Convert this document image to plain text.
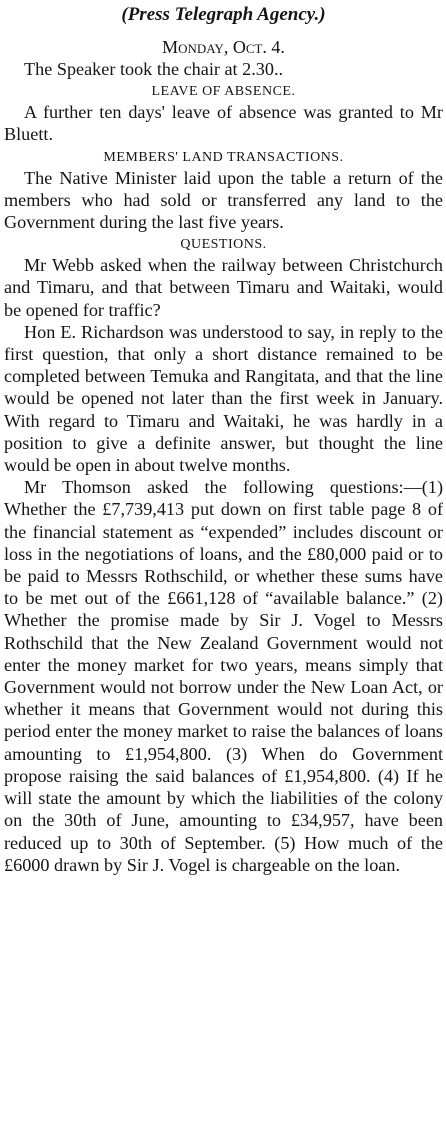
(Press Telegraph Agency.)
Monday, Oct. 4.

The Speaker took the chair at 2.30..

LEAVE OF ABSENCE.

A further ten days' leave of absence was granted to Mr Bluett.

MEMBERS' LAND TRANSACTIONS.

The Native Minister laid upon the table a return of the members who had sold or transferred any land to the Government during the last five years.

QUESTIONS.

Mr Webb asked when the railway between Christchurch and Timaru, and that between Timaru and Waitaki, would be opened for traffic?

Hon E. Richardson was understood to say, in reply to the first question, that only a short distance remained to be completed between Temuka and Rangitata, and that the line would be opened not later than the first week in January. With regard to Timaru and Waitaki, he was hardly in a position to give a definite answer, but thought the line would be open in about twelve months.

Mr Thomson asked the following questions:—(1) Whether the £7,739,413 put down on first table page 8 of the financial statement as “expended” includes discount or loss in the negotiations of loans, and the £80,000 paid or to be paid to Messrs Rothschild, or whether these sums have to be met out of the £661,128 of “available balance.” (2) Whether the promise made by Sir J. Vogel to Messrs Rothschild that the New Zealand Government would not enter the money market for two years, means simply that Government would not borrow under the New Loan Act, or whether it means that Government would not during this period enter the money market to raise the balances of loans amounting to £1,954,800. (3) When do Government propose raising the said balances of £1,954,800. (4) If he will state the amount by which the liabilities of the colony on the 30th of June, amounting to £34,957, have been reduced up to 30th of September. (5) How much of the £6000 drawn by Sir J. Vogel is chargeable on the loan.
